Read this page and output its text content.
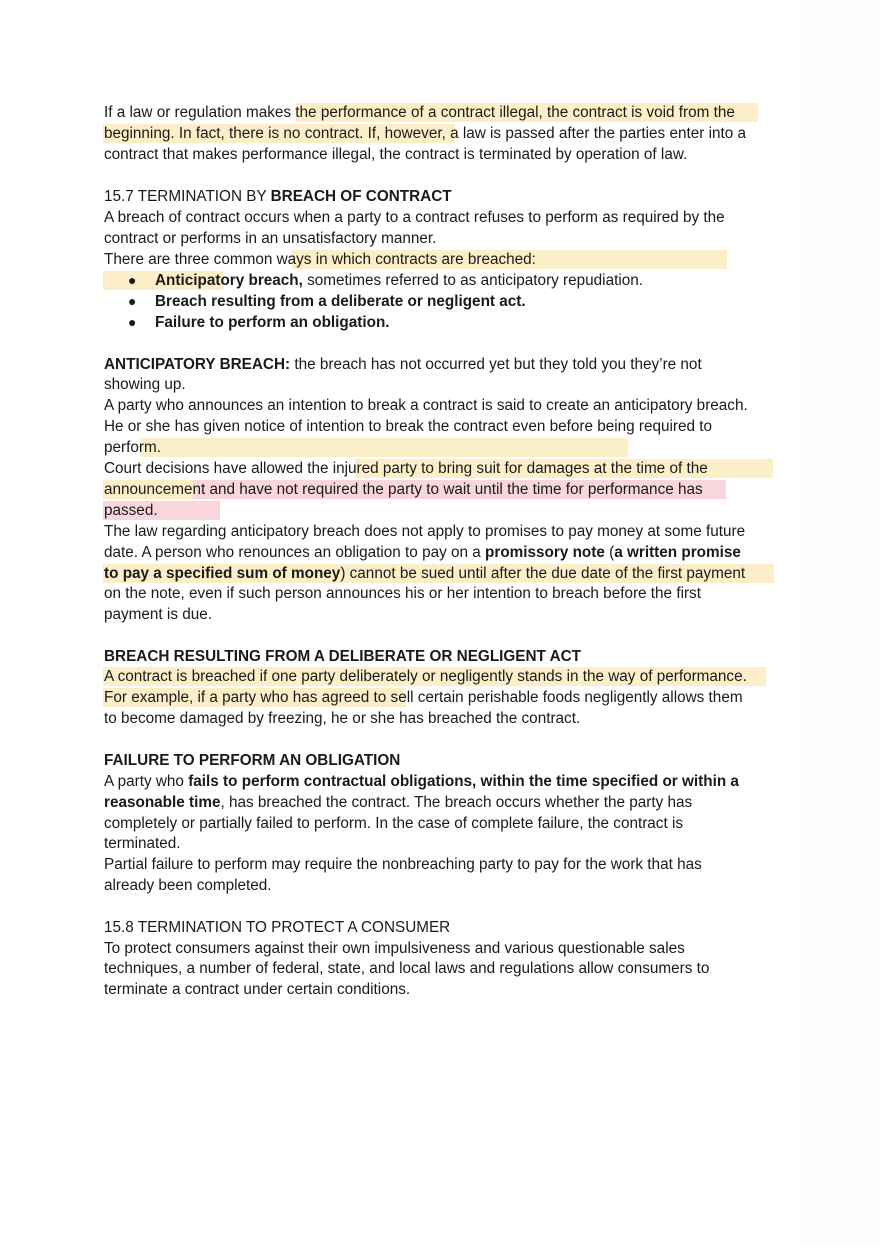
If a law or regulation makes the performance of a contract illegal, the contract is void from the
beginning. In fact, there is no contract. If, however, a law is passed after the parties enter into a
contract that makes performance illegal, the contract is terminated by operation of law.
15.7 TERMINATION BY BREACH OF CONTRACT
A breach of contract occurs when a party to a contract refuses to perform as required by the
contract or performs in an unsatisfactory manner.
There are three common ways in which contracts are breached:
● Anticipatory breach, sometimes referred to as anticipatory repudiation.
● Breach resulting from a deliberate or negligent act.
● Failure to perform an obligation.
ANTICIPATORY BREACH: the breach has not occurred yet but they told you they’re not
showing up.
A party who announces an intention to break a contract is said to create an anticipatory breach.
He or she has given notice of intention to break the contract even before being required to
perform.
Court decisions have allowed the injured party to bring suit for damages at the time of the
announcement and have not required the party to wait until the time for performance has
passed.
The law regarding anticipatory breach does not apply to promises to pay money at some future
date. A person who renounces an obligation to pay on a promissory note (a written promise
to pay a specified sum of money) cannot be sued until after the due date of the first payment
on the note, even if such person announces his or her intention to breach before the first
payment is due.
BREACH RESULTING FROM A DELIBERATE OR NEGLIGENT ACT
A contract is breached if one party deliberately or negligently stands in the way of performance.
For example, if a party who has agreed to sell certain perishable foods negligently allows them
to become damaged by freezing, he or she has breached the contract.
FAILURE TO PERFORM AN OBLIGATION
A party who fails to perform contractual obligations, within the time specified or within a
reasonable time, has breached the contract. The breach occurs whether the party has
completely or partially failed to perform. In the case of complete failure, the contract is
terminated.
Partial failure to perform may require the nonbreaching party to pay for the work that has
already been completed.
15.8 TERMINATION TO PROTECT A CONSUMER
To protect consumers against their own impulsiveness and various questionable sales
techniques, a number of federal, state, and local laws and regulations allow consumers to
terminate a contract under certain conditions.
